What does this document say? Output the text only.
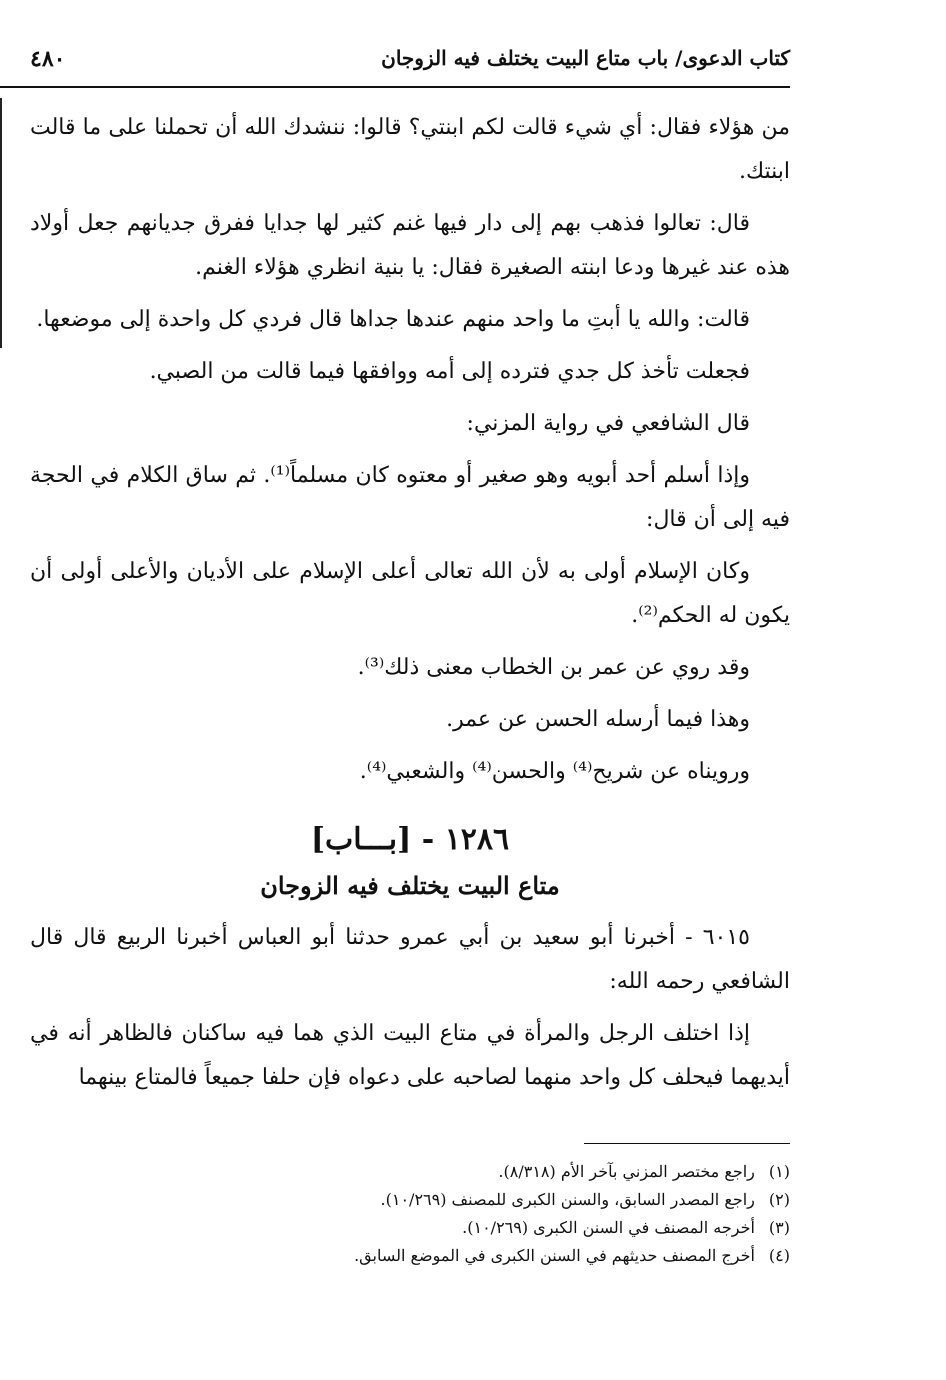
كتاب الدعوى/ باب متاع البيت يختلف فيه الزوجان
٤٨٠

من هؤلاء فقال: أي شيء قالت لكم ابنتي؟ قالوا: ننشدك الله أن تحملنا على ما قالت ابنتك.

قال: تعالوا فذهب بهم إلى دار فيها غنم كثير لها جدايا ففرق جديانهم جعل أولاد هذه عند غيرها ودعا ابنته الصغيرة فقال: يا بنية انظري هؤلاء الغنم.

قالت: والله يا أبتِ ما واحد منهم عندها جداها قال فردي كل واحدة إلى موضعها.

فجعلت تأخذ كل جدي فترده إلى أمه ووافقها فيما قالت من الصبي.

قال الشافعي في رواية المزني:

وإذا أسلم أحد أبويه وهو صغير أو معتوه كان مسلماً⁽¹⁾. ثم ساق الكلام في الحجة فيه إلى أن قال:

وكان الإسلام أولى به لأن الله تعالى أعلى الإسلام على الأديان والأعلى أولى أن يكون له الحكم⁽²⁾.

وقد روي عن عمر بن الخطاب معنى ذلك⁽³⁾.

وهذا فيما أرسله الحسن عن عمر.

ورويناه عن شريح⁽⁴⁾ والحسن⁽⁴⁾ والشعبي⁽⁴⁾.

١٢٨٦ - [بـــاب]
متاع البيت يختلف فيه الزوجان

٦٠١٥ - أخبرنا أبو سعيد بن أبي عمرو حدثنا أبو العباس أخبرنا الربيع قال قال الشافعي رحمه الله:

إذا اختلف الرجل والمرأة في متاع البيت الذي هما فيه ساكنان فالظاهر أنه في أيديهما فيحلف كل واحد منهما لصاحبه على دعواه فإن حلفا جميعاً فالمتاع بينهما

(١) راجع مختصر المزني بآخر الأم (٨/٣١٨).
(٢) راجع المصدر السابق، والسنن الكبرى للمصنف (١٠/٢٦٩).
(٣) أخرجه المصنف في السنن الكبرى (١٠/٢٦٩).
(٤) أخرج المصنف حديثهم في السنن الكبرى في الموضع السابق.
